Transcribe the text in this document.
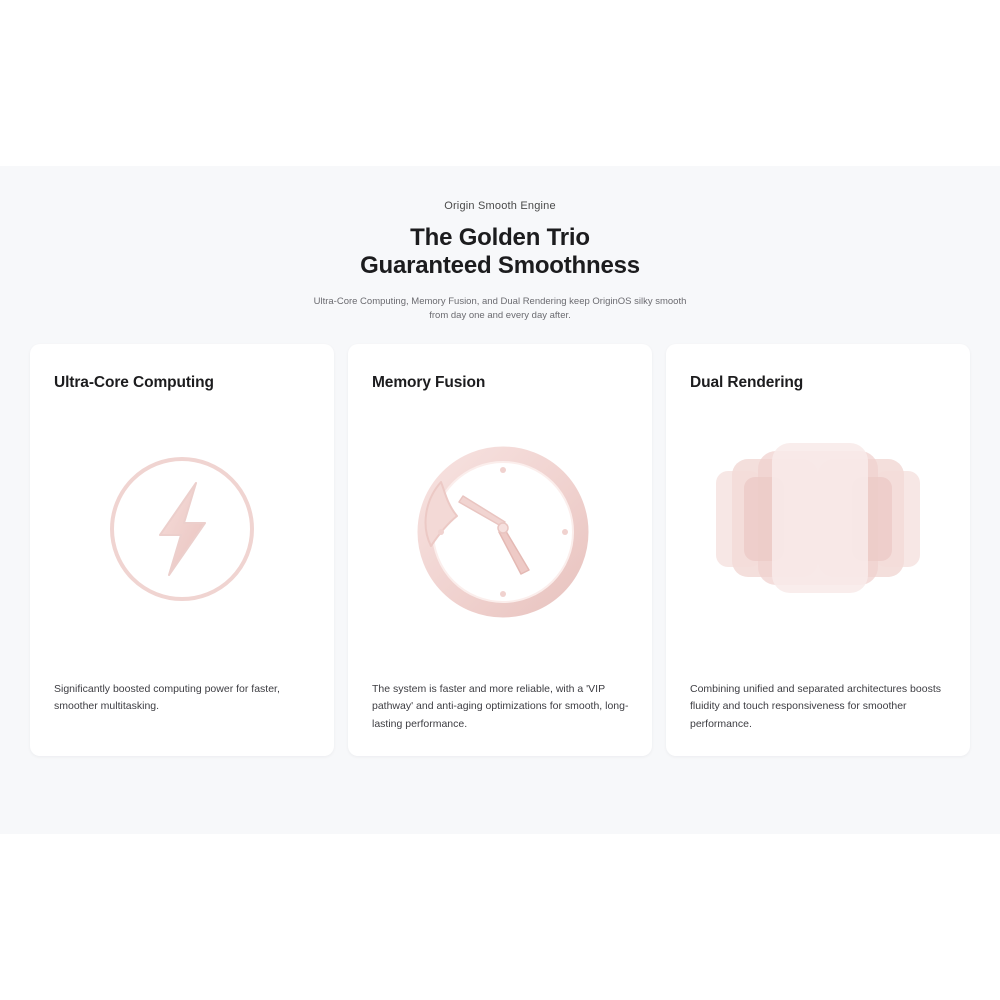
Origin Smooth Engine
The Golden Trio
Guaranteed Smoothness
Ultra-Core Computing, Memory Fusion, and Dual Rendering keep OriginOS silky smooth
from day one and every day after.
Ultra-Core Computing
Significantly boosted computing power for faster, smoother multitasking.
Memory Fusion
The system is faster and more reliable, with a 'VIP pathway' and anti-aging optimizations for smooth, long-lasting performance.
Dual Rendering
Combining unified and separated architectures boosts fluidity and touch responsiveness for smoother performance.
